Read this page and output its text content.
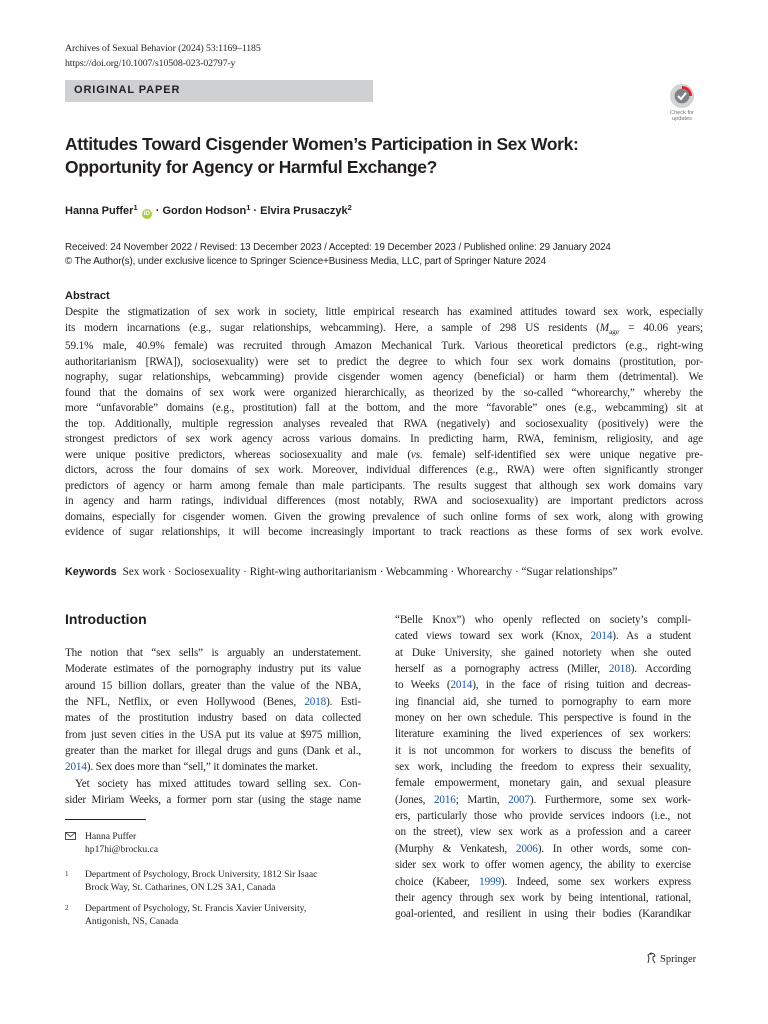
Archives of Sexual Behavior (2024) 53:1169–1185
https://doi.org/10.1007/s10508-023-02797-y
ORIGINAL PAPER
Check for
updates
Attitudes Toward Cisgender Women’s Participation in Sex Work:
Opportunity for Agency or Harmful Exchange?
Hanna Puffer$^1$ iD · Gordon Hodson$^1$ · Elvira Prusaczyk$^2$
Received: 24 November 2022 / Revised: 13 December 2023 / Accepted: 19 December 2023 / Published online: 29 January 2024
© The Author(s), under exclusive licence to Springer Science+Business Media, LLC, part of Springer Nature 2024
Abstract
Despite the stigmatization of sex work in society, little empirical research has examined attitudes toward sex work, especially
its modern incarnations (e.g., sugar relationships, webcamming). Here, a sample of 298 US residents ($M_{age} = 40.06$ years;
59.1% male, 40.9% female) was recruited through Amazon Mechanical Turk. Various theoretical predictors (e.g., right-wing
authoritarianism [RWA]), sociosexuality) were set to predict the degree to which four sex work domains (prostitution, por-
nography, sugar relationships, webcamming) provide cisgender women agency (beneficial) or harm them (detrimental). We
found that the domains of sex work were organized hierarchically, as theorized by the so-called “whorearchy,” whereby the
more “unfavorable” domains (e.g., prostitution) fall at the bottom, and the more “favorable” ones (e.g., webcamming) sit at
the top. Additionally, multiple regression analyses revealed that RWA (negatively) and sociosexuality (positively) were the
strongest predictors of sex work agency across various domains. In predicting harm, RWA, feminism, religiosity, and age
were unique positive predictors, whereas sociosexuality and male (vs. female) self-identified sex were unique negative pre-
dictors, across the four domains of sex work. Moreover, individual differences (e.g., RWA) were often significantly stronger
predictors of agency or harm among female than male participants. The results suggest that although sex work domains vary
in agency and harm ratings, individual differences (most notably, RWA and sociosexuality) are important predictors across
domains, especially for cisgender women. Given the growing prevalence of such online forms of sex work, along with growing
evidence of sugar relationships, it will become increasingly important to track reactions as these forms of sex work evolve.
Keywords Sex work · Sociosexuality · Right-wing authoritarianism · Webcamming · Whorearchy · “Sugar relationships”
Introduction
The notion that “sex sells” is arguably an understatement.
Moderate estimates of the pornography industry put its value
around 15 billion dollars, greater than the value of the NBA,
the NFL, Netflix, or even Hollywood (Benes, 2018). Esti-
mates of the prostitution industry based on data collected
from just seven cities in the USA put its value at $975 million,
greater than the market for illegal drugs and guns (Dank et al.,
2014). Sex does more than “sell,” it dominates the market.
Yet society has mixed attitudes toward selling sex. Con-
sider Miriam Weeks, a former porn star (using the stage name
“Belle Knox”) who openly reflected on society’s compli-
cated views toward sex work (Knox, 2014). As a student
at Duke University, she gained notoriety when she outed
herself as a pornography actress (Miller, 2018). According
to Weeks (2014), in the face of rising tuition and decreas-
ing financial aid, she turned to pornography to earn more
money on her own schedule. This perspective is found in the
literature examining the lived experiences of sex workers:
it is not uncommon for workers to discuss the benefits of
sex work, including the freedom to express their sexuality,
female empowerment, monetary gain, and sexual pleasure
(Jones, 2016; Martin, 2007). Furthermore, some sex work-
ers, particularly those who provide services indoors (i.e., not
on the street), view sex work as a profession and a career
(Murphy & Venkatesh, 2006). In other words, some con-
sider sex work to offer women agency, the ability to exercise
choice (Kabeer, 1999). Indeed, some sex workers express
their agency through sex work by being intentional, rational,
goal-oriented, and resilient in using their bodies (Karandikar
Hanna Puffer
hp17hi@brocku.ca
1 Department of Psychology, Brock University, 1812 Sir Isaac
Brock Way, St. Catharines, ON L2S 3A1, Canada
2 Department of Psychology, St. Francis Xavier University,
Antigonish, NS, Canada
Springer
